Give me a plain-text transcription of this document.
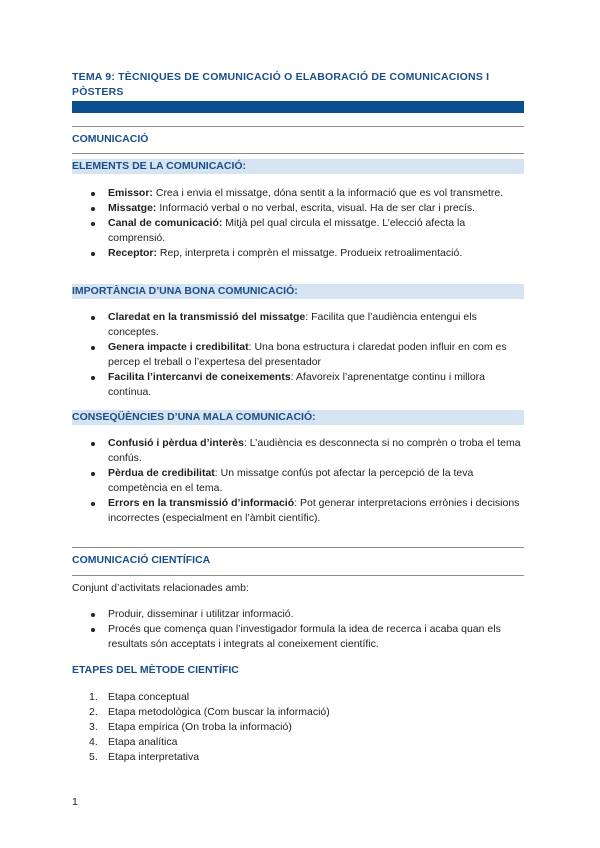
TEMA 9: TÈCNIQUES DE COMUNICACIÓ O ELABORACIÓ DE COMUNICACIONS I PÒSTERS
COMUNICACIÓ
ELEMENTS DE LA COMUNICACIÓ:
Emissor: Crea i envia el missatge, dóna sentit a la informació que es vol transmetre.
Missatge: Informació verbal o no verbal, escrita, visual. Ha de ser clar i precís.
Canal de comunicació: Mitjà pel qual circula el missatge. L’elecció afecta la comprensió.
Receptor: Rep, interpreta i comprèn el missatge. Produeix retroalimentació.
IMPORTÀNCIA D’UNA BONA COMUNICACIÓ:
Claredat en la transmissió del missatge: Facilita que l’audiència entengui els conceptes.
Genera impacte i credibilitat: Una bona estructura i claredat poden influir en com es percep el treball o l’expertesa del presentador
Facilita l’intercanvi de coneixements: Afavoreix l’aprenentatge continu i millora contínua.
CONSEQÜÈNCIES D’UNA MALA COMUNICACIÓ:
Confusió i pèrdua d’interès: L’audiència es desconnecta si no comprèn o troba el tema confús.
Pèrdua de credibilitat: Un missatge confús pot afectar la percepció de la teva competència en el tema.
Errors en la transmissió d’informació: Pot generar interpretacions errònies i decisions incorrectes (especialment en l’àmbit científic).
COMUNICACIÓ CIENTÍFICA
Conjunt d’activitats relacionades amb:
Produir, disseminar i utilitzar informació.
Procés que comença quan l’investigador formula la idea de recerca i acaba quan els resultats són acceptats i integrats al coneixement científic.
ETAPES DEL MÈTODE CIENTÍFIC
1. Etapa conceptual
2. Etapa metodològica (Com buscar la informació)
3. Etapa empírica (On troba la informació)
4. Etapa analítica
5. Etapa interpretativa
1
